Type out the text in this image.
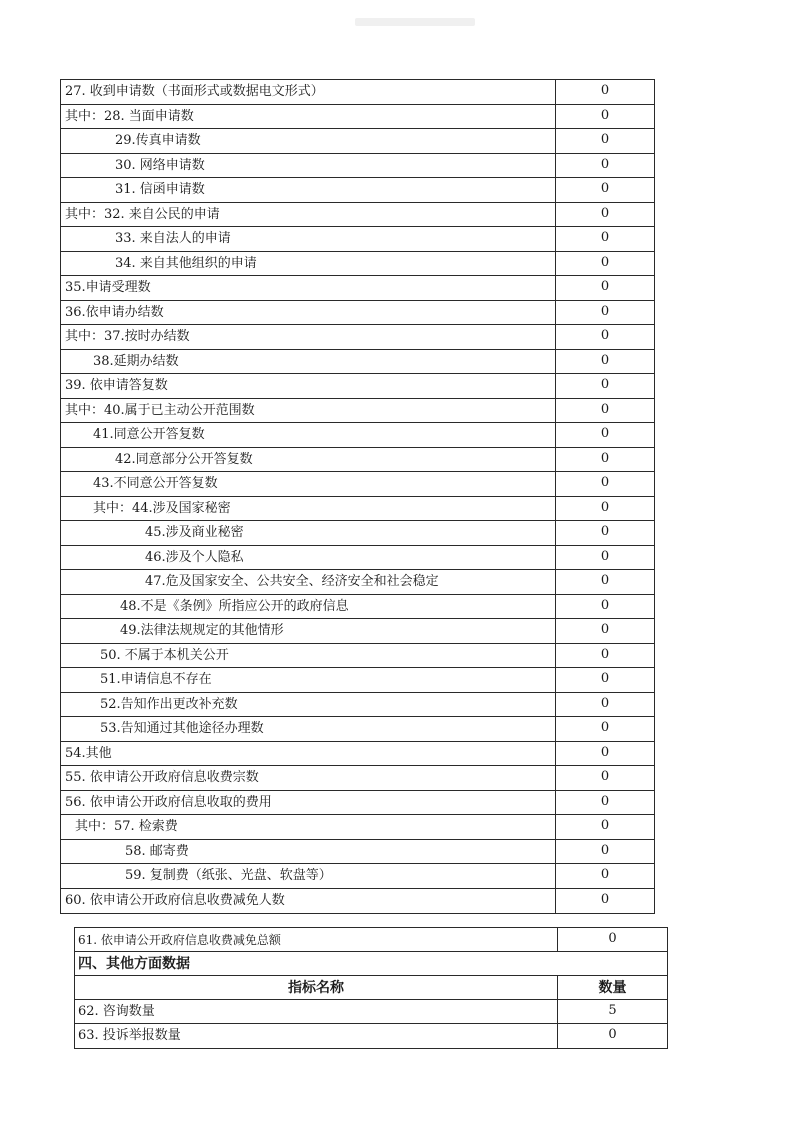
27. 收到申请数（书面形式或数据电文形式）	0
其中：28. 当面申请数	0
29.传真申请数	0
30. 网络申请数	0
31. 信函申请数	0
其中：32. 来自公民的申请	0
33. 来自法人的申请	0
34. 来自其他组织的申请	0
35.申请受理数	0
36.依申请办结数	0
其中：37.按时办结数	0
38.延期办结数	0
39. 依申请答复数	0
其中：40.属于已主动公开范围数	0
41.同意公开答复数	0
42.同意部分公开答复数	0
43.不同意公开答复数	0
其中：44.涉及国家秘密	0
45.涉及商业秘密	0
46.涉及个人隐私	0
47.危及国家安全、公共安全、经济安全和社会稳定	0
48.不是《条例》所指应公开的政府信息	0
49.法律法规规定的其他情形	0
50. 不属于本机关公开	0
51.申请信息不存在	0
52.告知作出更改补充数	0
53.告知通过其他途径办理数	0
54.其他	0
55. 依申请公开政府信息收费宗数	0
56. 依申请公开政府信息收取的费用	0
其中：57. 检索费	0
58. 邮寄费	0
59. 复制费（纸张、光盘、软盘等）	0
60. 依申请公开政府信息收费减免人数	0
61. 依申请公开政府信息收费减免总额	0
四、其他方面数据
指标名称	数量
62. 咨询数量	5
63. 投诉举报数量	0
